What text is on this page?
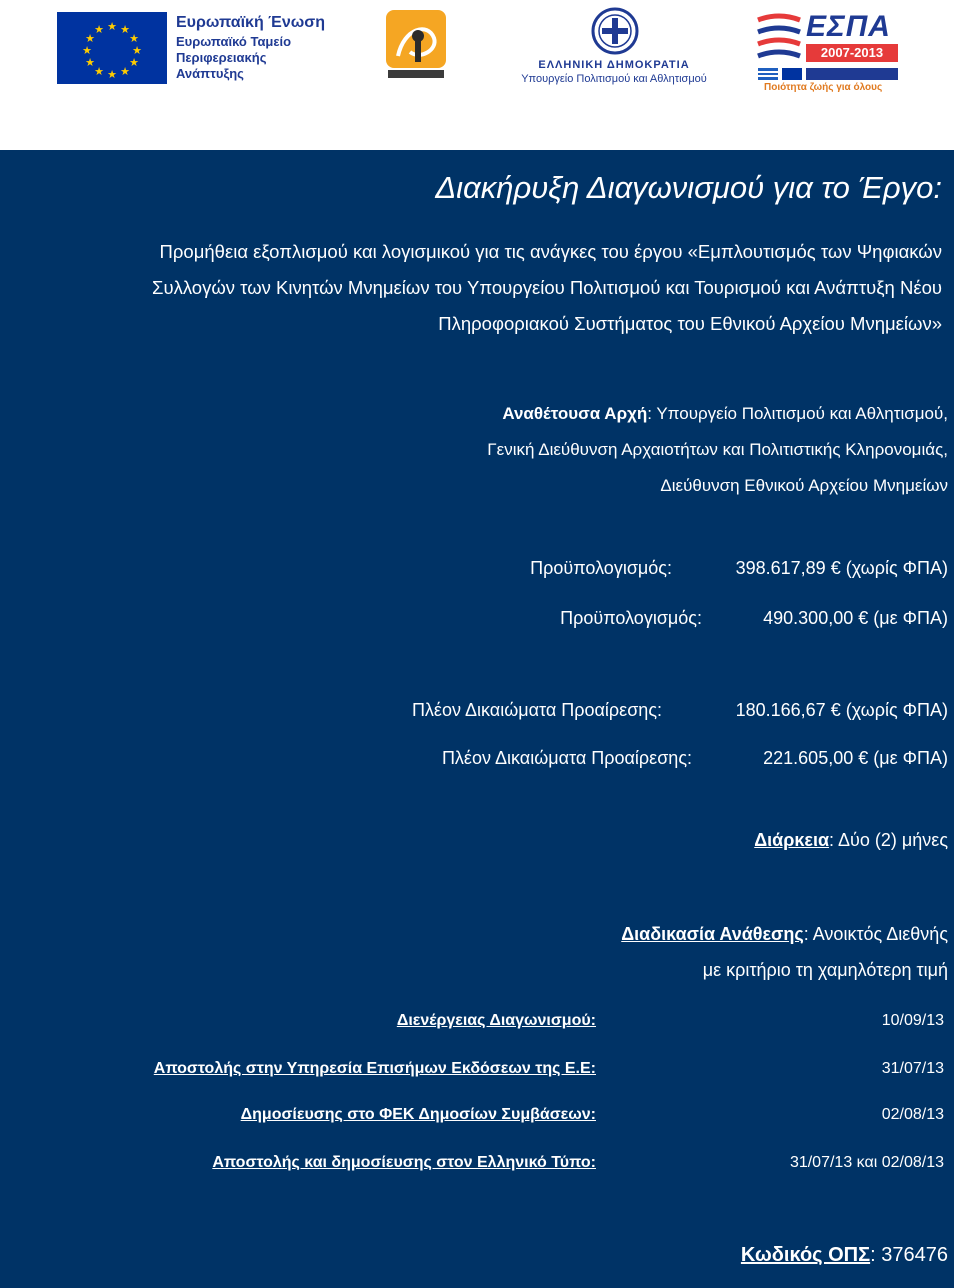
★ ★
★
★
★
★
★
★
★
★
★
★	Ευρωπαϊκή Ένωση
Ευρωπαϊκό Ταμείο
Περιφερειακής
Ανάπτυξης

ΕΛΛΗΝΙΚΗ ΔΗΜΟΚΡΑΤΙΑ
Υπουργείο Πολιτισμού και Αθλητισμού
ΕΣΠΑ
2007-2013
Ποιότητα ζωής για όλους
Διακήρυξη Διαγωνισμού για το Έργο:
Προμήθεια εξοπλισμού και λογισμικού για τις ανάγκες του έργου «Εμπλουτισμός των Ψηφιακών
Συλλογών των Κινητών Μνημείων του Υπουργείου Πολιτισμού και Τουρισμού και Ανάπτυξη Νέου
Πληροφοριακού Συστήματος του Εθνικού Αρχείου Μνημείων»
Αναθέτουσα Αρχή: Υπουργείο Πολιτισμού και Αθλητισμού,
Γενική Διεύθυνση Αρχαιοτήτων και Πολιτιστικής Κληρονομιάς,
Διεύθυνση Εθνικού Αρχείου Μνημείων
Προϋπολογισμός:	398.617,89 € (χωρίς ΦΠΑ)
Προϋπολογισμός:	490.300,00 € (με ΦΠΑ)
Πλέον Δικαιώματα Προαίρεσης:	180.166,67 € (χωρίς ΦΠΑ)
Πλέον Δικαιώματα Προαίρεσης:	221.605,00 € (με ΦΠΑ)
Διάρκεια: Δύο (2) μήνες
Διαδικασία Ανάθεσης: Ανοικτός Διεθνής
με κριτήριο τη χαμηλότερη τιμή
Διενέργειας Διαγωνισμού:	10/09/13
Αποστολής στην Υπηρεσία Επισήμων Εκδόσεων της Ε.Ε:	31/07/13
Δημοσίευσης στο ΦΕΚ Δημοσίων Συμβάσεων:	02/08/13
Αποστολής και δημοσίευσης στον Ελληνικό Τύπο:	31/07/13 και 02/08/13
Κωδικός ΟΠΣ: 376476
